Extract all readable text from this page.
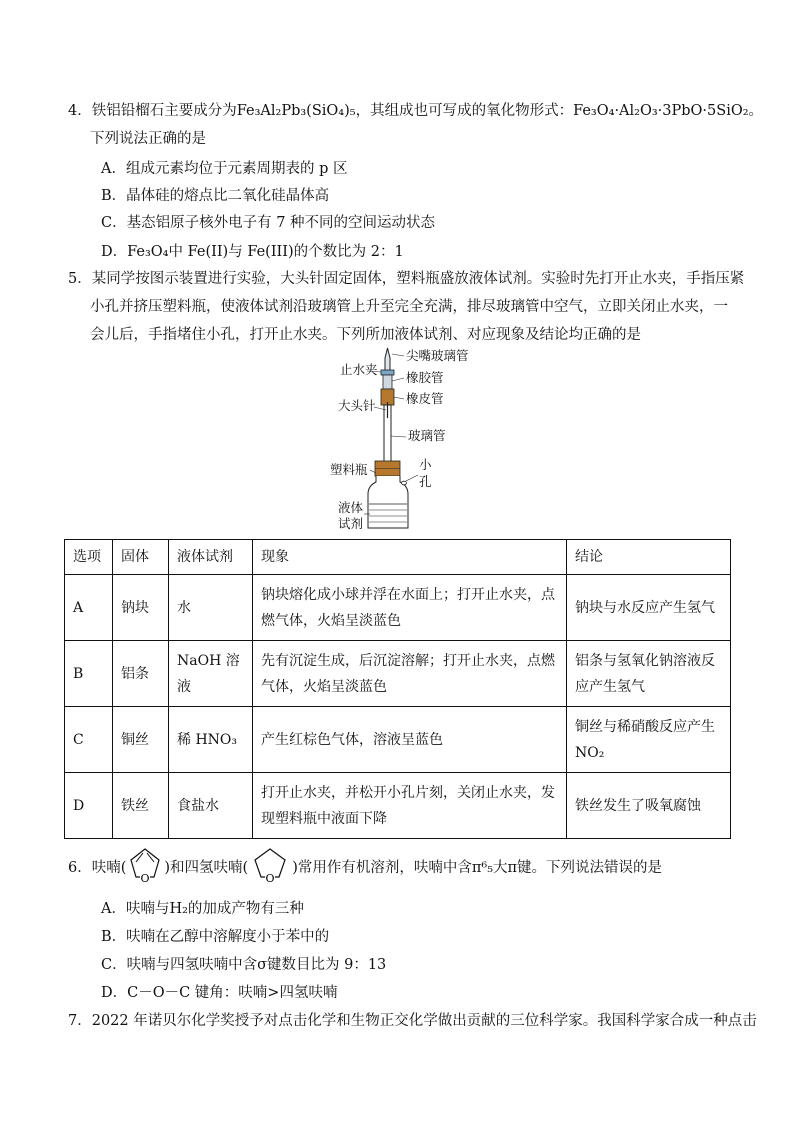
4．铁铝铅榴石主要成分为Fe₃Al₂Pb₃(SiO₄)₅，其组成也可写成的氧化物形式：Fe₃O₄·Al₂O₃·3PbO·5SiO₂。
下列说法正确的是
A．组成元素均位于元素周期表的 p 区
B．晶体硅的熔点比二氧化硅晶体高
C．基态铝原子核外电子有 7 种不同的空间运动状态
D．Fe₃O₄中 Fe(II)与 Fe(III)的个数比为 2：1
5．某同学按图示装置进行实验，大头针固定固体，塑料瓶盛放液体试剂。实验时先打开止水夹，手指压紧
小孔并挤压塑料瓶，使液体试剂沿玻璃管上升至完全充满，排尽玻璃管中空气，立即关闭止水夹，一
会儿后，手指堵住小孔，打开止水夹。下列所加液体试剂、对应现象及结论均正确的是
尖嘴玻璃管
止水夹
橡胶管
橡皮管
大头针
玻璃管
塑料瓶	小
孔
液体
试剂
选项	固体	液体试剂	现象	结论
A	钠块	水	钠块熔化成小球并浮在水面上；打开止水夹，点燃气体，火焰呈淡蓝色	钠块与水反应产生氢气
B	铝条	NaOH 溶液	先有沉淀生成，后沉淀溶解；打开止水夹，点燃气体，火焰呈淡蓝色	铝条与氢氧化钠溶液反应产生氢气
C	铜丝	稀 HNO₃	产生红棕色气体，溶液呈蓝色	铜丝与稀硝酸反应产生 NO₂
D	铁丝	食盐水	打开止水夹，并松开小孔片刻，关闭止水夹，发现塑料瓶中液面下降	铁丝发生了吸氧腐蚀
6．呋喃(
O
)和四氢呋喃(
O
)常用作有机溶剂，呋喃中含π⁶₅大π键。下列说法错误的是
A．呋喃与H₂的加成产物有三种
B．呋喃在乙醇中溶解度小于苯中的
C．呋喃与四氢呋喃中含σ键数目比为 9：13
D．C－O－C 键角：呋喃>四氢呋喃
7．2022 年诺贝尔化学奖授予对点击化学和生物正交化学做出贡献的三位科学家。我国科学家合成一种点击
